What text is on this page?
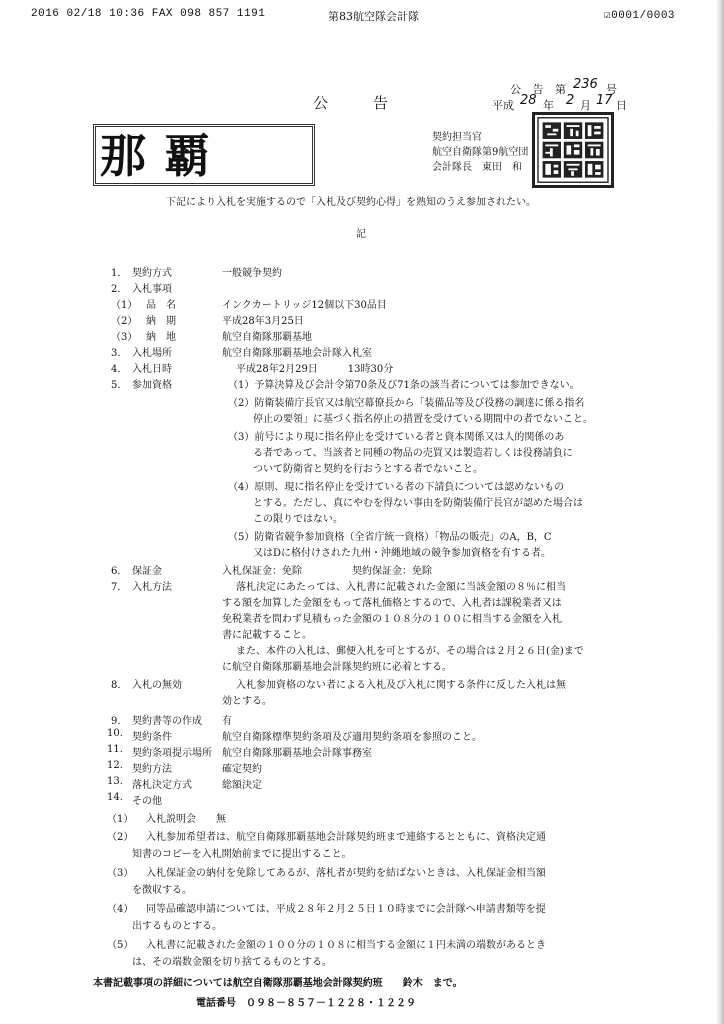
2016 02/18 10:36 FAX 098 857 1191	第83航空隊会計隊	☑0001/0003
公 告 第 236 号
平成 28 年 2 月 17 日
公　　　告
那覇	契約担当官
航空自衛隊第9航空団
会計隊長　東田　和
下記により入札を実施するので「入札及び契約心得」を熟知のうえ参加されたい。
記
1． 契約方式	一般競争契約
2． 入札事項
（1） 品　名	インクカートリッジ12個以下30品目
（2） 納　期	平成28年3月25日
（3） 納　地	航空自衛隊那覇基地
3． 入札場所	航空自衛隊那覇基地会計隊入札室
4． 入札日時	平成28年2月29日　　　13時30分
5． 参加資格	（1）予算決算及び会計令第70条及び71条の該当者については参加できない。
（2）防衛装備庁長官又は航空幕僚長から「装備品等及び役務の調達に係る指名
停止の要領」に基づく指名停止の措置を受けている期間中の者でないこと。
（3）前号により現に指名停止を受けている者と資本関係又は人的関係のあ
る者であって、当該者と同種の物品の売買又は製造若しくは役務請負に
ついて防衛省と契約を行おうとする者でないこと。
（4）原則、現に指名停止を受けている者の下請負については認めないもの
とする。ただし、真にやむを得ない事由を防衛装備庁長官が認めた場合は
この限りではない。
（5）防衛省競争参加資格（全省庁統一資格）「物品の販売」のA，B，C
又はDに格付けされた九州・沖縄地域の競争参加資格を有する者。
6． 保証金	入札保証金：免除　　　　　契約保証金：免除
7． 入札方法	落札決定にあたっては、入札書に記載された金額に当該金額の８％に相当
する額を加算した金額をもって落札価格とするので、入札者は課税業者又は
免税業者を問わず見積もった金額の１０８分の１００に相当する金額を入札
書に記載すること。
また、本件の入札は、郵便入札を可とするが、その場合は２月２６日(金)まで
に航空自衛隊那覇基地会計隊契約班に必着とする。
8． 入札の無効	入札参加資格のない者による入札及び入札に関する条件に反した入札は無
効とする。
9． 契約書等の作成 有
10. 契約条件	航空自衛隊標準契約条項及び適用契約条項を参照のこと。
11. 契約条項提示場所 航空自衛隊那覇基地会計隊事務室
12. 契約方法	確定契約
13. 落札決定方式	総額決定
14. その他
（1） 入札説明会　　無
（2） 入札参加希望者は、航空自衛隊那覇基地会計隊契約班まで連絡するとともに、資格決定通
知書のコピーを入札開始前までに提出すること。
（3） 入札保証金の納付を免除してあるが、落札者が契約を結ばないときは、入札保証金相当額
を徴収する。
（4） 同等品確認申請については、平成２８年２月２５日１０時までに会計隊へ申請書類等を提
出するものとする。
（5） 入札書に記載された金額の１００分の１０８に相当する金額に１円未満の端数があるとき
は、その端数金額を切り捨てるものとする。
本書記載事項の詳細については航空自衛隊那覇基地会計隊契約班　　鈴木　まで。
電話番号　０９８－８５７－１２２８・１２２９
